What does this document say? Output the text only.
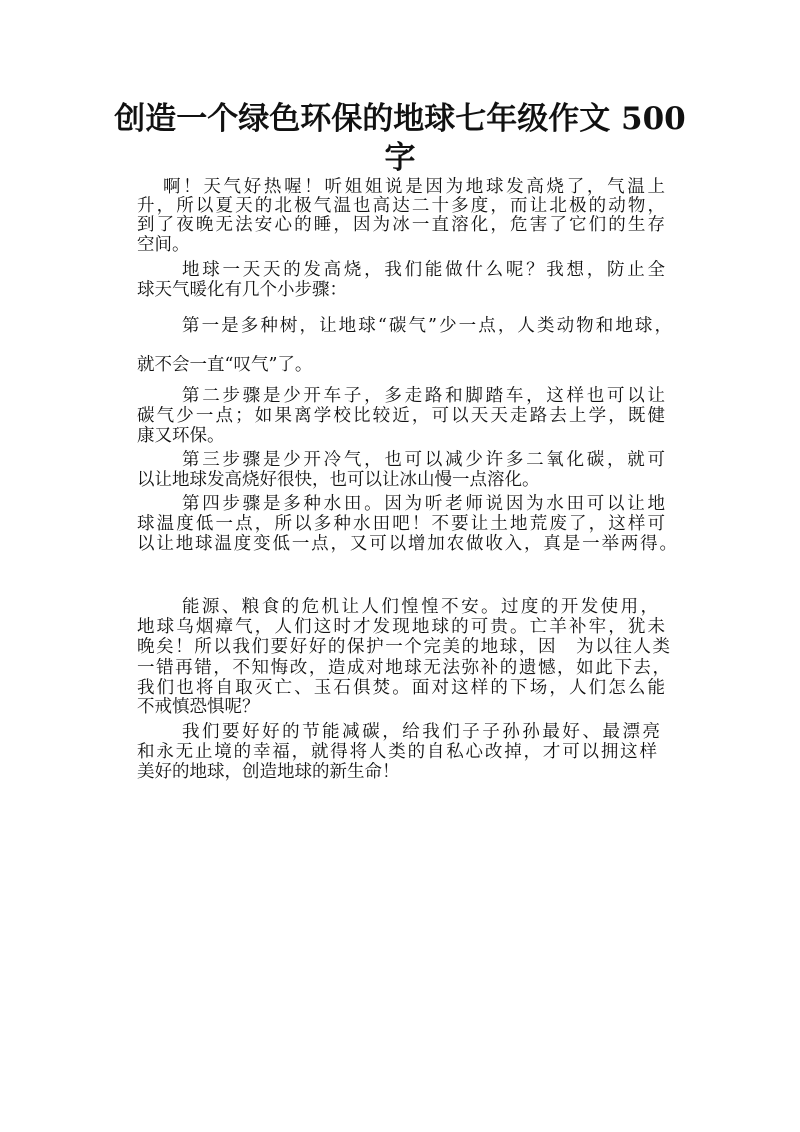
创造一个绿色环保的地球七年级作文 500
字
www.zhwenku.com
啊！天气好热喔！听姐姐说是因为地球发高烧了，气温上
升，所以夏天的北极气温也高达二十多度，而让北极的动物，
到了夜晚无法安心的睡，因为冰一直溶化，危害了它们的生存
空间。
地球一天天的发高烧，我们能做什么呢？我想，防止全
球天气暖化有几个小步骤：
第一是多种树，让地球“碳气”少一点，人类动物和地球，
就不会一直“叹气”了。
第二步骤是少开车子，多走路和脚踏车，这样也可以让
碳气少一点；如果离学校比较近，可以天天走路去上学，既健
康又环保。
第三步骤是少开冷气，也可以减少许多二氧化碳，就可
以让地球发高烧好很快，也可以让冰山慢一点溶化。
第四步骤是多种水田。因为听老师说因为水田可以让地
球温度低一点，所以多种水田吧！不要让土地荒废了，这样可
以让地球温度变低一点，又可以增加农做收入，真是一举两得。
能源、粮食的危机让人们惶惶不安。过度的开发使用，
地球乌烟瘴气，人们这时才发现地球的可贵。亡羊补牢，犹未
晚矣！所以我们要好好的保护一个完美的地球，因　为以往人类
一错再错，不知悔改，造成对地球无法弥补的遗憾，如此下去，
我们也将自取灭亡、玉石俱焚。面对这样的下场，人们怎么能
不戒慎恐惧呢？
我们要好好的节能减碳，给我们子子孙孙最好、最漂亮
和永无止境的幸福，就得将人类的自私心改掉，才可以拥这样
美好的地球，创造地球的新生命！
